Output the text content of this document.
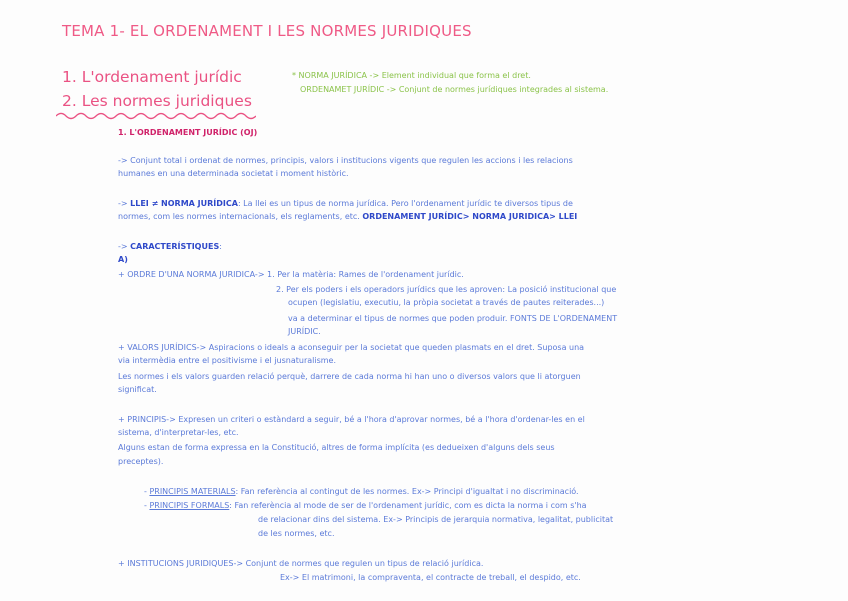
TEMA 1- EL ORDENAMENT I LES NORMES JURIDIQUES
1. L'ordenament jurídic
2. Les normes juridiques
* NORMA JURÍDICA -> Element individual que forma el dret.
ORDENAMET JURÍDIC -> Conjunt de normes jurídiques integrades al sistema.
1. L'ORDENAMENT JURÍDIC (OJ)
-> Conjunt total i ordenat de normes, principis, valors i institucions vigents que regulen les accions i les relacions
humanes en una determinada societat i moment històric.
-> LLEI ≠ NORMA JURÍDICA: La llei es un tipus de norma jurídica. Pero l'ordenament jurídic te diversos tipus de
normes, com les normes internacionals, els reglaments, etc. ORDENAMENT JURÍDIC> NORMA JURIDICA> LLEI
-> CARACTERÍSTIQUES:
A)
+ ORDRE D'UNA NORMA JURIDICA-> 1. Per la matèria: Rames de l'ordenament jurídic.
2. Per els poders i els operadors jurídics que les aproven: La posició institucional que
ocupen (legislatiu, executiu, la pròpia societat a través de pautes reiterades...)
va a determinar el tipus de normes que poden produir. FONTS DE L'ORDENAMENT
JURÍDIC.
+ VALORS JURÍDICS-> Aspiracions o ideals a aconseguir per la societat que queden plasmats en el dret. Suposa una
via intermèdia entre el positivisme i el jusnaturalisme.
Les normes i els valors guarden relació perquè, darrere de cada norma hi han uno o diversos valors que li atorguen
significat.
+ PRINCIPIS-> Expresen un criteri o estàndard a seguir, bé a l'hora d'aprovar normes, bé a l'hora d'ordenar-les en el
sistema, d'interpretar-les, etc.
Alguns estan de forma expressa en la Constitució, altres de forma implícita (es dedueixen d'alguns dels seus
preceptes).
- PRINCIPIS MATERIALS: Fan referència al contingut de les normes. Ex-> Principi d'igualtat i no discriminació.
- PRINCIPIS FORMALS: Fan referència al mode de ser de l'ordenament jurídic, com es dicta la norma i com s'ha
de relacionar dins del sistema. Ex-> Principis de jerarquia normativa, legalitat, publicitat
de les normes, etc.
+ INSTITUCIONS JURIDIQUES-> Conjunt de normes que regulen un tipus de relació jurídica.
Ex-> El matrimoni, la compraventa, el contracte de treball, el despido, etc.
